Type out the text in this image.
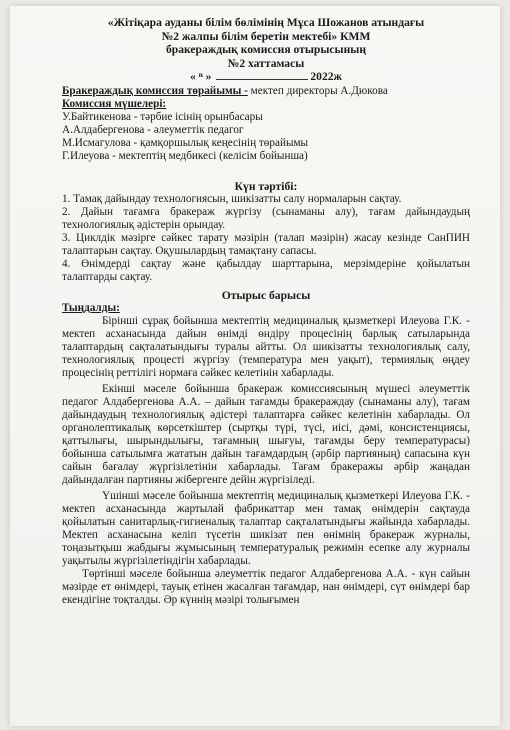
«Жітіқара ауданы білім бөлімінің Мұса Шожанов атындағы
№2 жалпы білім беретін мектебі» КММ
бракераждық комиссия отырысының
№2 хаттамасы
« ⁿ »	2022ж

Бракераждық комиссия төрайымы - мектеп директоры А.Дюкова

Комиссия мүшелері:

У.Байтикенова - тәрбие ісінің орынбасары

А.Алдабергенова - әлеуметтік педагог

М.Исмагулова - қамқоршылық кеңесінің төрайымы

Г.Илеуова - мектептің медбикесі (келісім бойынша)

Күн тәртібі:

1. Тамақ дайындау технологиясын, шикізатты салу нормаларын сақтау.

2. Дайын тағамға бракераж жүргізу (сынаманы алу), тағам дайындаудың технологиялық әдістерін орындау.

3. Циклдік мәзірге сәйкес тарату мәзірін (талап мәзірін) жасау кезінде СанПИН талаптарын сақтау. Оқушылардың тамақтану сапасы.

4. Өнімдерді сақтау және қабылдау шарттарына, мерзімдеріне қойылатын талаптарды сақтау.

Отырыс барысы

Тыңдалды:

Бірінші сұрақ бойынша мектептің медициналық қызметкері Илеуова Г.К. - мектеп асханасында дайын өнімді өндіру процесінің барлық сатыларында талаптардың сақталатындығы туралы айтты. Ол шикізатты технологиялық салу, технологиялық процесті жүргізу (температура мен уақыт), термиялық өңдеу процесінің реттілігі нормаға сәйкес келетінін хабарлады.

Екінші мәселе бойынша бракераж комиссиясының мүшесі әлеуметтік педагог Алдабергенова А.А. – дайын тағамды бракераждау (сынаманы алу), тағам дайындаудың технологиялық әдістері талаптарға сәйкес келетінін хабарлады. Ол органолептикалық көрсеткіштер (сыртқы түрі, түсі, иісі, дәмі, консистенциясы, қаттылығы, шырындылығы, тағамның шығуы, тағамды беру температурасы) бойынша сатылымға жататын дайын тағамдардың (әрбір партияның) сапасына күн сайын бағалау жүргізілетінін хабарлады. Тағам бракеражы әрбір жаңадан дайындалған партияны жібергенге дейін жүргізіледі.

Үшінші мәселе бойынша мектептің медициналық қызметкері Илеуова Г.К. - мектеп асханасында жартылай фабрикаттар мен тамақ өнімдерін сақтауда қойылатын санитарлық-гигиеналық талаптар сақталатындығы жайында хабарлады. Мектеп асханасына келіп түсетін шикізат пен өнімнің бракераж журналы, тоңазытқыш жабдығы жұмысының температуралық режимін есепке алу журналы уақытылы жүргізілетіндігін хабарлады.

Төртінші мәселе бойынша әлеуметтік педагог Алдабергенова А.А. - күн сайын мәзірде ет өнімдері, тауық етінен жасалған тағамдар, нан өнімдері, сүт өнімдері бар екендігіне тоқталды. Әр күннің мәзірі толығымен
